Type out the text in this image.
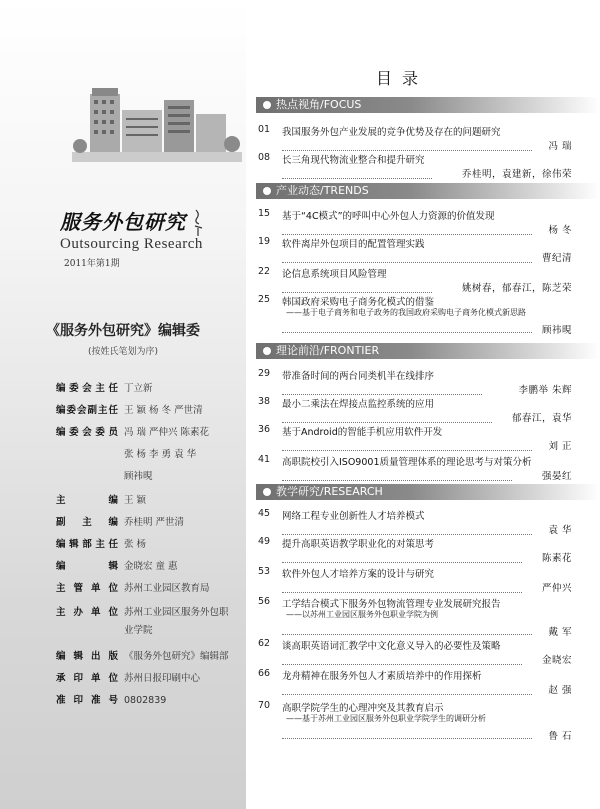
服务外包研究
Outsourcing Research
2011年第1期
《服务外包研究》编辑委
(按姓氏笔划为序)
编委会主任 丁立新
编委会副主任 王 颖 杨 冬 严世清
编委会委员 冯 瑞 严仲兴 陈素花
张 杨 李 勇 袁 华
顾祎晛
主编 王 颖
副主编 乔桂明 严世清
编辑部主任 张 杨
编辑 金晓宏 童 惠
主管单位 苏州工业园区教育局
主办单位 苏州工业园区服务外包职
业学院
编辑出版 《服务外包研究》编辑部
承印单位 苏州日报印刷中心
准印准号 0802839
目录
热点视角/FOCUS
01	我国服务外包产业发展的竞争优势及存在的问题研究
冯 瑞
08	长三角现代物流业整合和提升研究
乔桂明，袁建新，徐伟荣
产业动态/TRENDS
15	基于“4C模式”的呼叫中心外包人力资源的价值发现
杨 冬
19	软件离岸外包项目的配置管理实践
曹纪清
22	论信息系统项目风险管理
姚树春，郁春江，陈芝荣
25	韩国政府采购电子商务化模式的借鉴
——基于电子商务和电子政务的我国政府采购电子商务化模式新思路
顾祎晛
理论前沿/FRONTIER
29	带准备时间的两台同类机半在线排序
李鹏举 朱辉
38	最小二乘法在焊接点监控系统的应用
郁春江，袁华
36	基于Android的智能手机应用软件开发
刘 正
41	高职院校引入ISO9001质量管理体系的理论思考与对策分析
强晏红
教学研究/RESEARCH
45	网络工程专业创新性人才培养模式
袁 华
49	提升高职英语教学职业化的对策思考
陈素花
53	软件外包人才培养方案的设计与研究
严仲兴
56	工学结合模式下服务外包物流管理专业发展研究报告
——以苏州工业园区服务外包职业学院为例
戴 军
62	谈高职英语词汇教学中文化意义导入的必要性及策略
金晓宏
66	龙舟精神在服务外包人才素质培养中的作用探析
赵 强
70	高职学院学生的心理冲突及其教育启示
——基于苏州工业园区服务外包职业学院学生的调研分析
鲁 石
